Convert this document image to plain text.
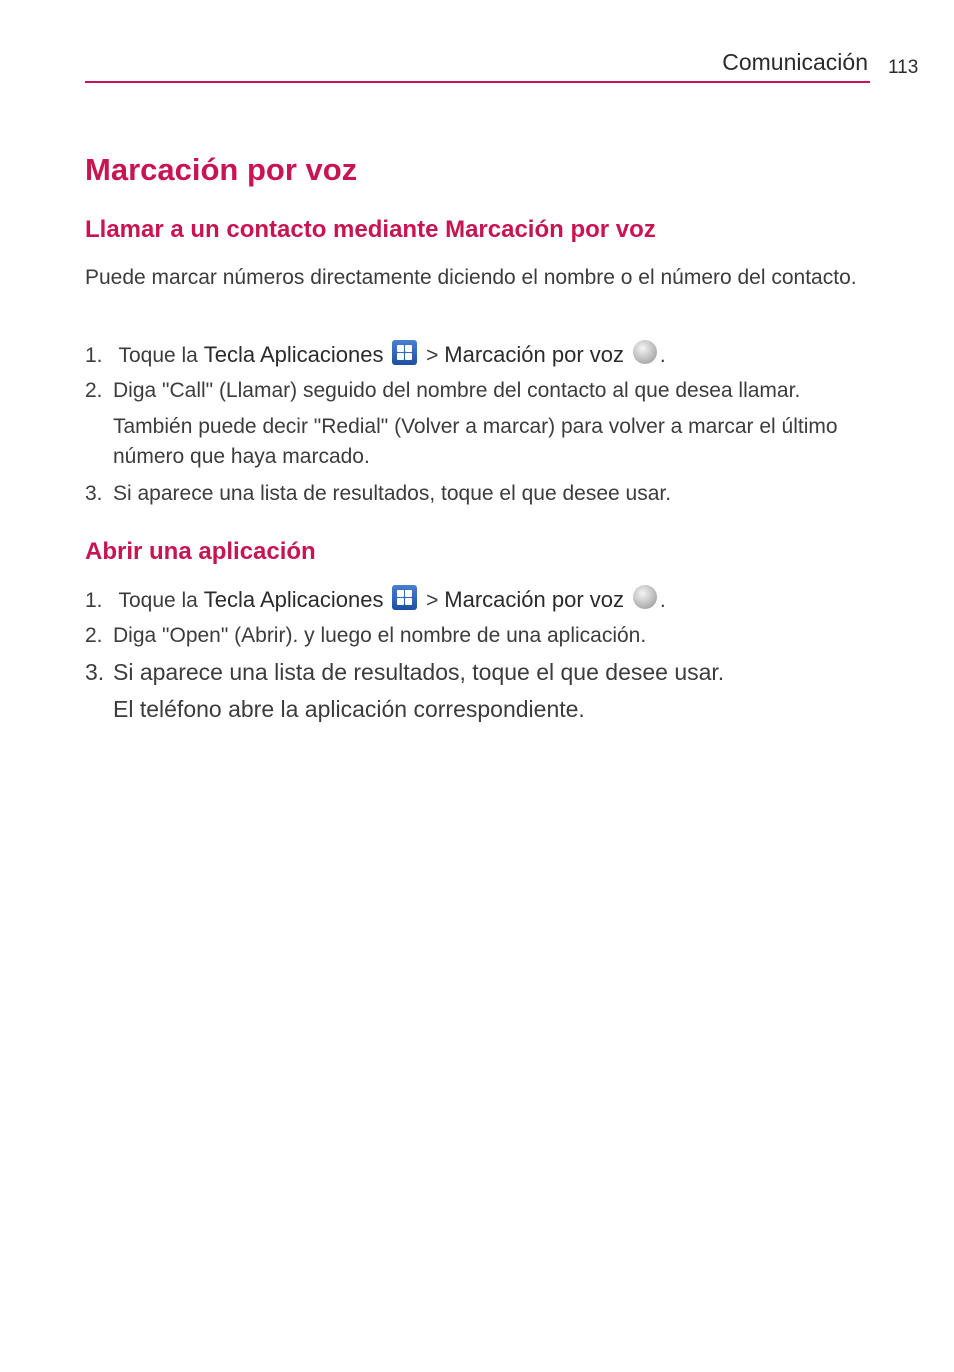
Comunicación 113
Marcación por voz
Llamar a un contacto mediante Marcación por voz

Puede marcar números directamente diciendo el nombre o el número del contacto.

1. Toque la Tecla Aplicaciones
> Marcación por voz .
2. Diga "Call" (Llamar) seguido del nombre del contacto al que desea llamar.
También puede decir "Redial" (Volver a marcar) para volver a marcar el último número que haya marcado.
3. Si aparece una lista de resultados, toque el que desee usar.
Abrir una aplicación
1. Toque la Tecla Aplicaciones
> Marcación por voz .
2. Diga "Open" (Abrir). y luego el nombre de una aplicación.
3. Si aparece una lista de resultados, toque el que desee usar.
El teléfono abre la aplicación correspondiente.
